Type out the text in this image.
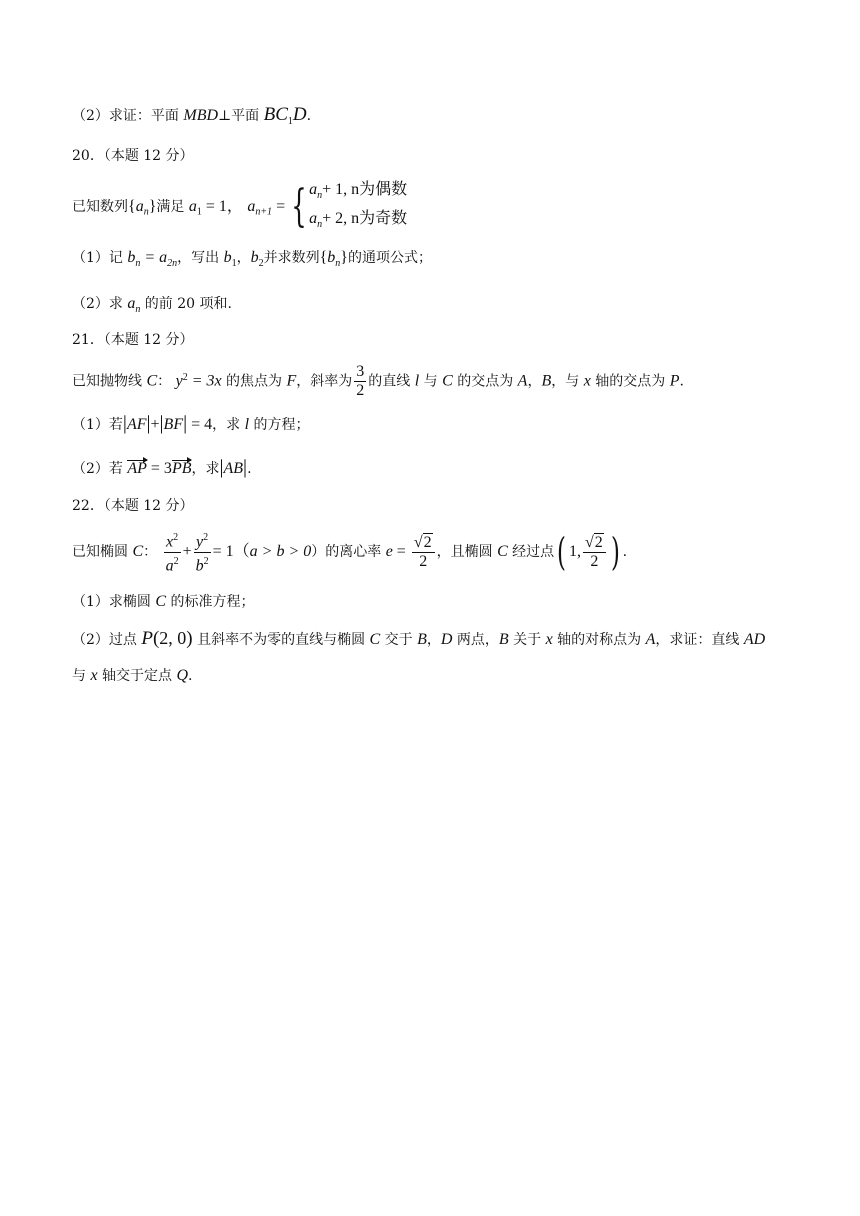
（2）求证：平面 MBD⊥平面 $BC_1D$.
20．（本题 12 分）
已知数列$\{a_n\}$满足 $a_1 = 1$， $a_{n+1}$ = { $a_n+ 1$, n为偶数
$a_n+ 2$, n为奇数
（1）记 $b_n = a_{2n}$，写出 $b_1$，$b_2$并求数列$\{b_n\}$的通项公式；
（2）求 $a_n$ 的前 20 项和.
21．（本题 12 分）
已知抛物线 C： $y^2 = 3x$ 的焦点为 F，斜率为 $\frac{3}{2}$ 的直线 l 与 C 的交点为 A，B，与 x 轴的交点为 P.
（1）若|AF|+|BF| = 4，求 l 的方程；
（2）若 AP = 3PB，求|AB|.
22．（本题 12 分）
已知椭圆 C： $\frac{x^2}{a^2} + \frac{y^2}{b^2} = 1(a > b > 0)$的离心率 $e = \frac{√2}{2}$ ，且椭圆 C 经过点( 1, $\frac{√2}{2}$ ) .
（1）求椭圆 C 的标准方程；
（2）过点 P(2, 0) 且斜率不为零的直线与椭圆 C 交于 B，D 两点，B 关于 x 轴的对称点为 A，求证：直线 AD
与 x 轴交于定点 Q.
